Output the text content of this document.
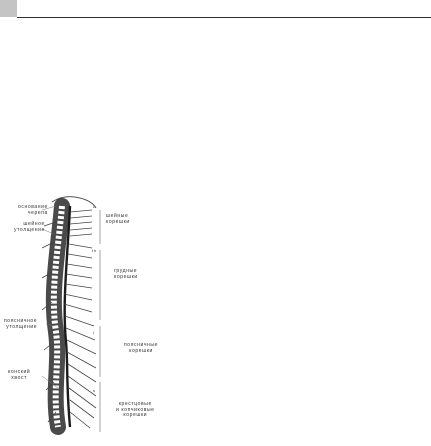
основание
черепа
шейное
утолщение
поясничное
утолщение
конский
хвост
шейные
корешки
грудные
корешки
поясничные
корешки
крестцовые
и копчиковые
корешки
c
th
l
s
